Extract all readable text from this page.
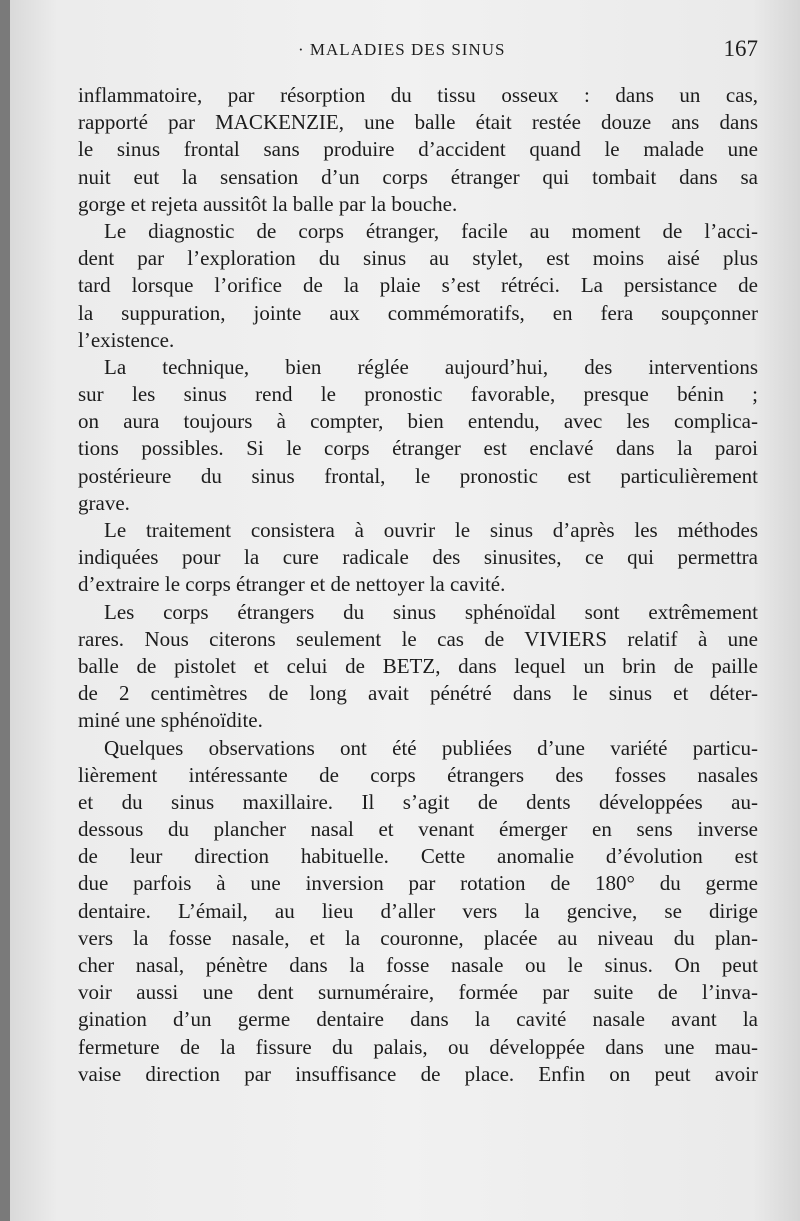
· MALADIES DES SINUS	167
inflammatoire, par résorption du tissu osseux : dans un cas,
rapporté par MACKENZIE, une balle était restée douze ans dans
le sinus frontal sans produire d’accident quand le malade une
nuit eut la sensation d’un corps étranger qui tombait dans sa
gorge et rejeta aussitôt la balle par la bouche.
Le diagnostic de corps étranger, facile au moment de l’acci-
dent par l’exploration du sinus au stylet, est moins aisé plus
tard lorsque l’orifice de la plaie s’est rétréci. La persistance de
la suppuration, jointe aux commémoratifs, en fera soupçonner
l’existence.
La technique, bien réglée aujourd’hui, des interventions
sur les sinus rend le pronostic favorable, presque bénin ;
on aura toujours à compter, bien entendu, avec les complica-
tions possibles. Si le corps étranger est enclavé dans la paroi
postérieure du sinus frontal, le pronostic est particulièrement
grave.
Le traitement consistera à ouvrir le sinus d’après les méthodes
indiquées pour la cure radicale des sinusites, ce qui permettra
d’extraire le corps étranger et de nettoyer la cavité.
Les corps étrangers du sinus sphénoïdal sont extrêmement
rares. Nous citerons seulement le cas de VIVIERS relatif à une
balle de pistolet et celui de BETZ, dans lequel un brin de paille
de 2 centimètres de long avait pénétré dans le sinus et déter-
miné une sphénoïdite.
Quelques observations ont été publiées d’une variété particu-
lièrement intéressante de corps étrangers des fosses nasales
et du sinus maxillaire. Il s’agit de dents développées au-
dessous du plancher nasal et venant émerger en sens inverse
de leur direction habituelle. Cette anomalie d’évolution est
due parfois à une inversion par rotation de 180° du germe
dentaire. L’émail, au lieu d’aller vers la gencive, se dirige
vers la fosse nasale, et la couronne, placée au niveau du plan-
cher nasal, pénètre dans la fosse nasale ou le sinus. On peut
voir aussi une dent surnuméraire, formée par suite de l’inva-
gination d’un germe dentaire dans la cavité nasale avant la
fermeture de la fissure du palais, ou développée dans une mau-
vaise direction par insuffisance de place. Enfin on peut avoir
